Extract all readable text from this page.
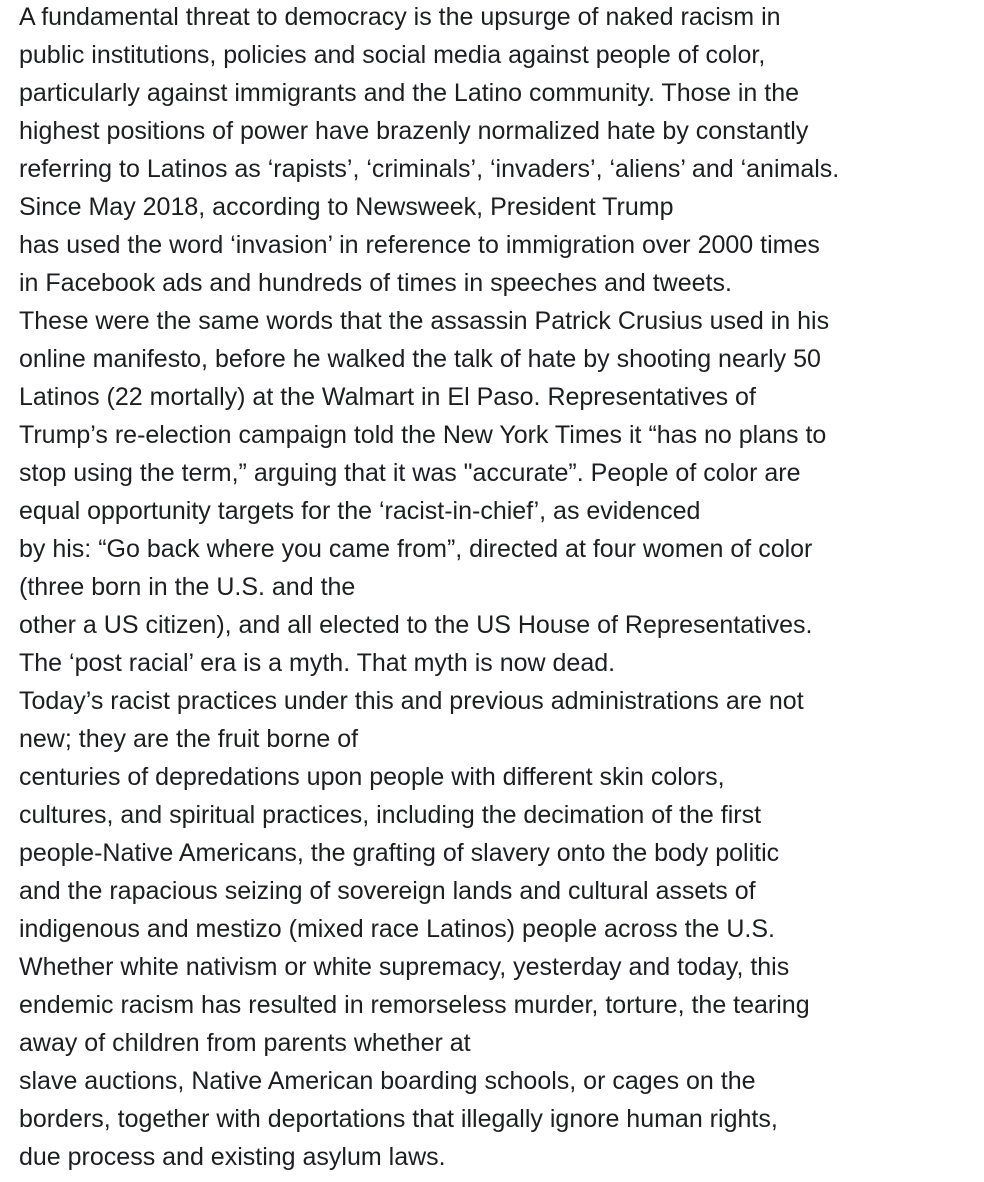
A fundamental threat to democracy is the upsurge of naked racism in
public institutions, policies and social media against people of color,
particularly against immigrants and the Latino community. Those in the
highest positions of power have brazenly normalized hate by constantly
referring to Latinos as ‘rapists’, ‘criminals’, ‘invaders’, ‘aliens’ and ‘animals.
Since May 2018, according to Newsweek, President Trump
has used the word ‘invasion’ in reference to immigration over 2000 times
in Facebook ads and hundreds of times in speeches and tweets.
These were the same words that the assassin Patrick Crusius used in his
online manifesto, before he walked the talk of hate by shooting nearly 50
Latinos (22 mortally) at the Walmart in El Paso. Representatives of
Trump’s re-election campaign told the New York Times it “has no plans to
stop using the term,” arguing that it was "accurate”. People of color are
equal opportunity targets for the ‘racist-in-chief’, as evidenced
by his: “Go back where you came from”, directed at four women of color
(three born in the U.S. and the
other a US citizen), and all elected to the US House of Representatives.
The ‘post racial’ era is a myth. That myth is now dead.
Today’s racist practices under this and previous administrations are not
new; they are the fruit borne of
centuries of depredations upon people with different skin colors,
cultures, and spiritual practices, including the decimation of the first
people-Native Americans, the grafting of slavery onto the body politic
and the rapacious seizing of sovereign lands and cultural assets of
indigenous and mestizo (mixed race Latinos) people across the U.S.
Whether white nativism or white supremacy, yesterday and today, this
endemic racism has resulted in remorseless murder, torture, the tearing
away of children from parents whether at
slave auctions, Native American boarding schools, or cages on the
borders, together with deportations that illegally ignore human rights,
due process and existing asylum laws.
